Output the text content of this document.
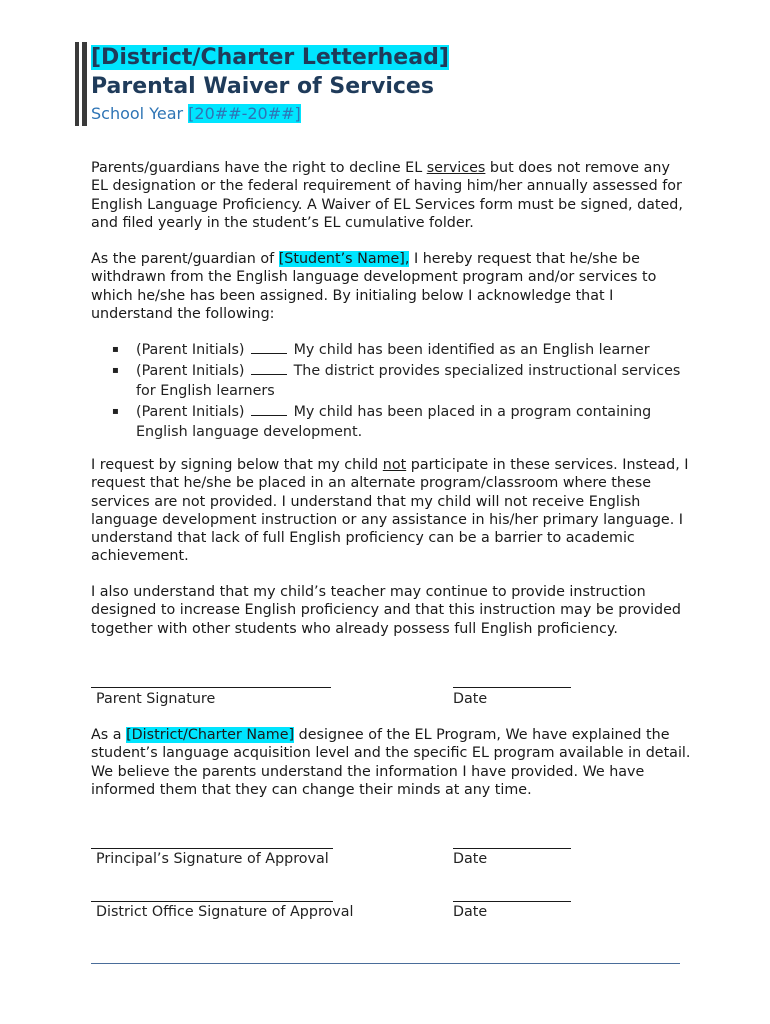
[District/Charter Letterhead]
Parental Waiver of Services
School Year [20##-20##]

Parents/guardians have the right to decline EL services but does not remove any EL designation or the federal requirement of having him/her annually assessed for English Language Proficiency. A Waiver of EL Services form must be signed, dated, and filed yearly in the student’s EL cumulative folder.

As the parent/guardian of [Student’s Name], I hereby request that he/she be withdrawn from the English language development program and/or services to which he/she has been assigned. By initialing below I acknowledge that I understand the following:

▪ (Parent Initials)	My child has been identified as an English learner
▪ (Parent Initials)	The district provides specialized instructional services for English learners
▪ (Parent Initials)	My child has been placed in a program containing English language development.

I request by signing below that my child not participate in these services. Instead, I request that he/she be placed in an alternate program/classroom where these services are not provided. I understand that my child will not receive English language development instruction or any assistance in his/her primary language. I understand that lack of full English proficiency can be a barrier to academic achievement.

I also understand that my child’s teacher may continue to provide instruction designed to increase English proficiency and that this instruction may be provided together with other students who already possess full English proficiency.

Parent Signature	Date

As a [District/Charter Name] designee of the EL Program, We have explained the student’s language acquisition level and the specific EL program available in detail. We believe the parents understand the information I have provided. We have informed them that they can change their minds at any time.

Principal’s Signature of Approval	Date
District Office Signature of Approval	Date
